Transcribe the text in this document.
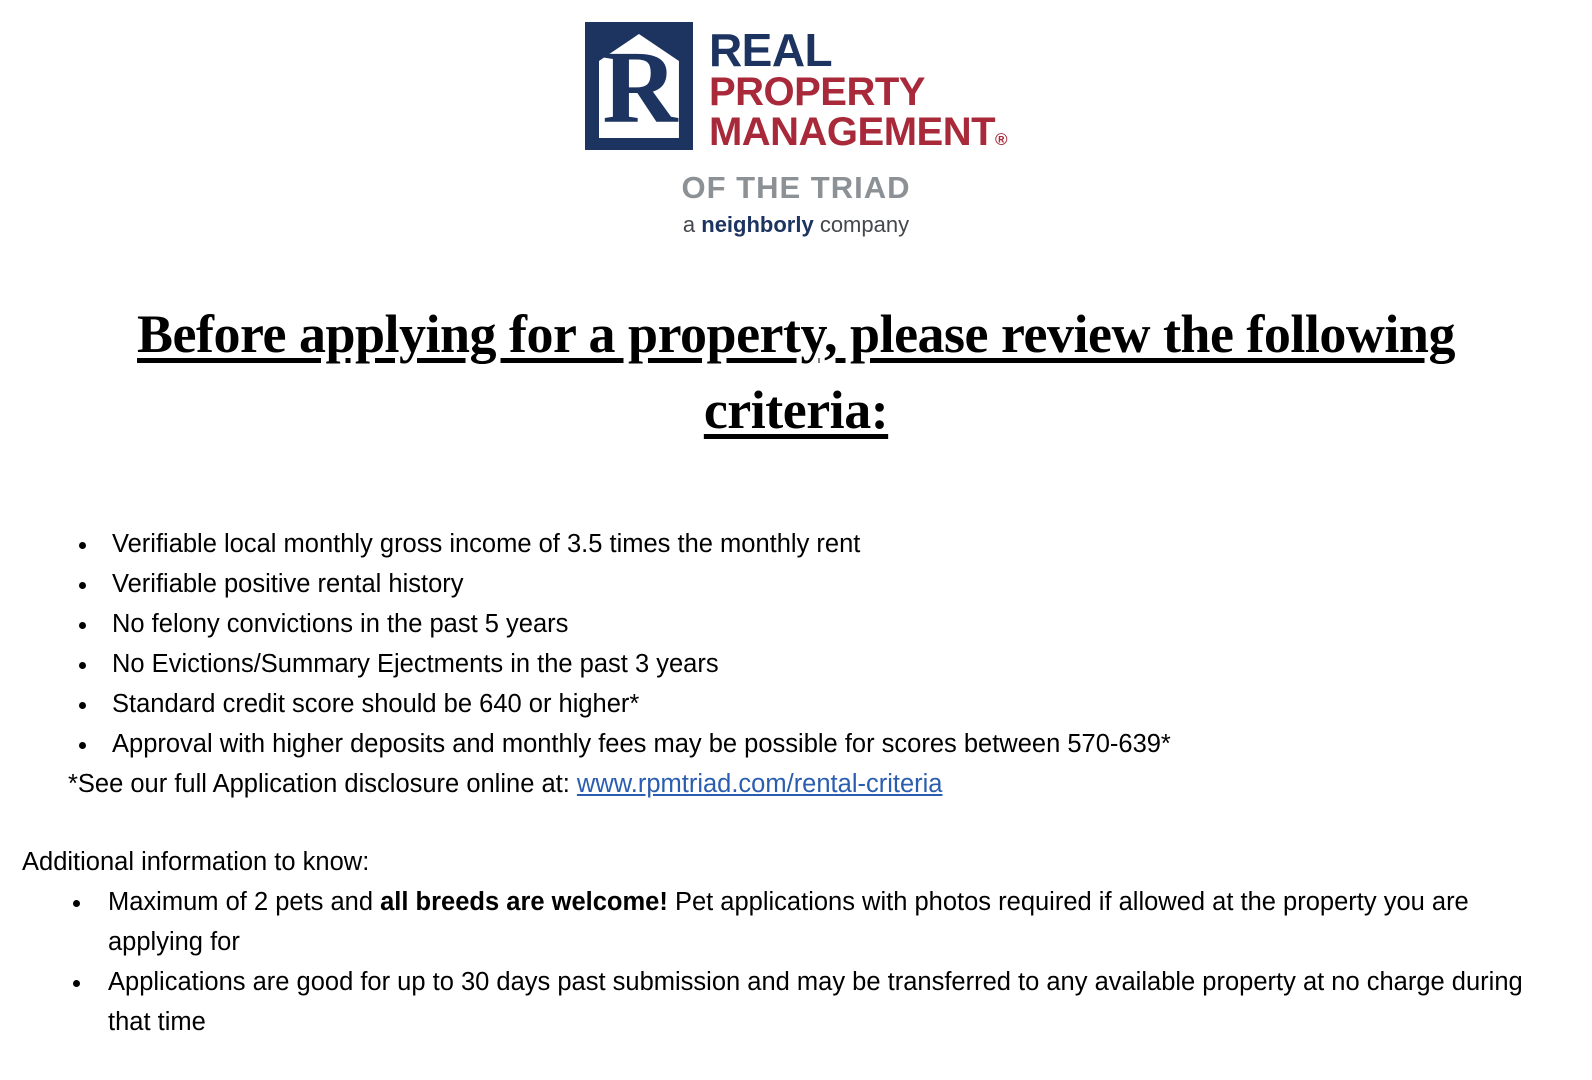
R REAL
PROPERTY
MANAGEMENT®
OF THE TRIAD
a neighborly company
Before applying for a property, please review the following criteria:
• Verifiable local monthly gross income of 3.5 times the monthly rent
• Verifiable positive rental history
• No felony convictions in the past 5 years
• No Evictions/Summary Ejectments in the past 3 years
• Standard credit score should be 640 or higher*
• Approval with higher deposits and monthly fees may be possible for scores between 570-639*
*See our full Application disclosure online at: www.rpmtriad.com/rental-criteria
Additional information to know:
• Maximum of 2 pets and all breeds are welcome! Pet applications with photos required if allowed at the property you are applying for
• Applications are good for up to 30 days past submission and may be transferred to any available property at no charge during that time
